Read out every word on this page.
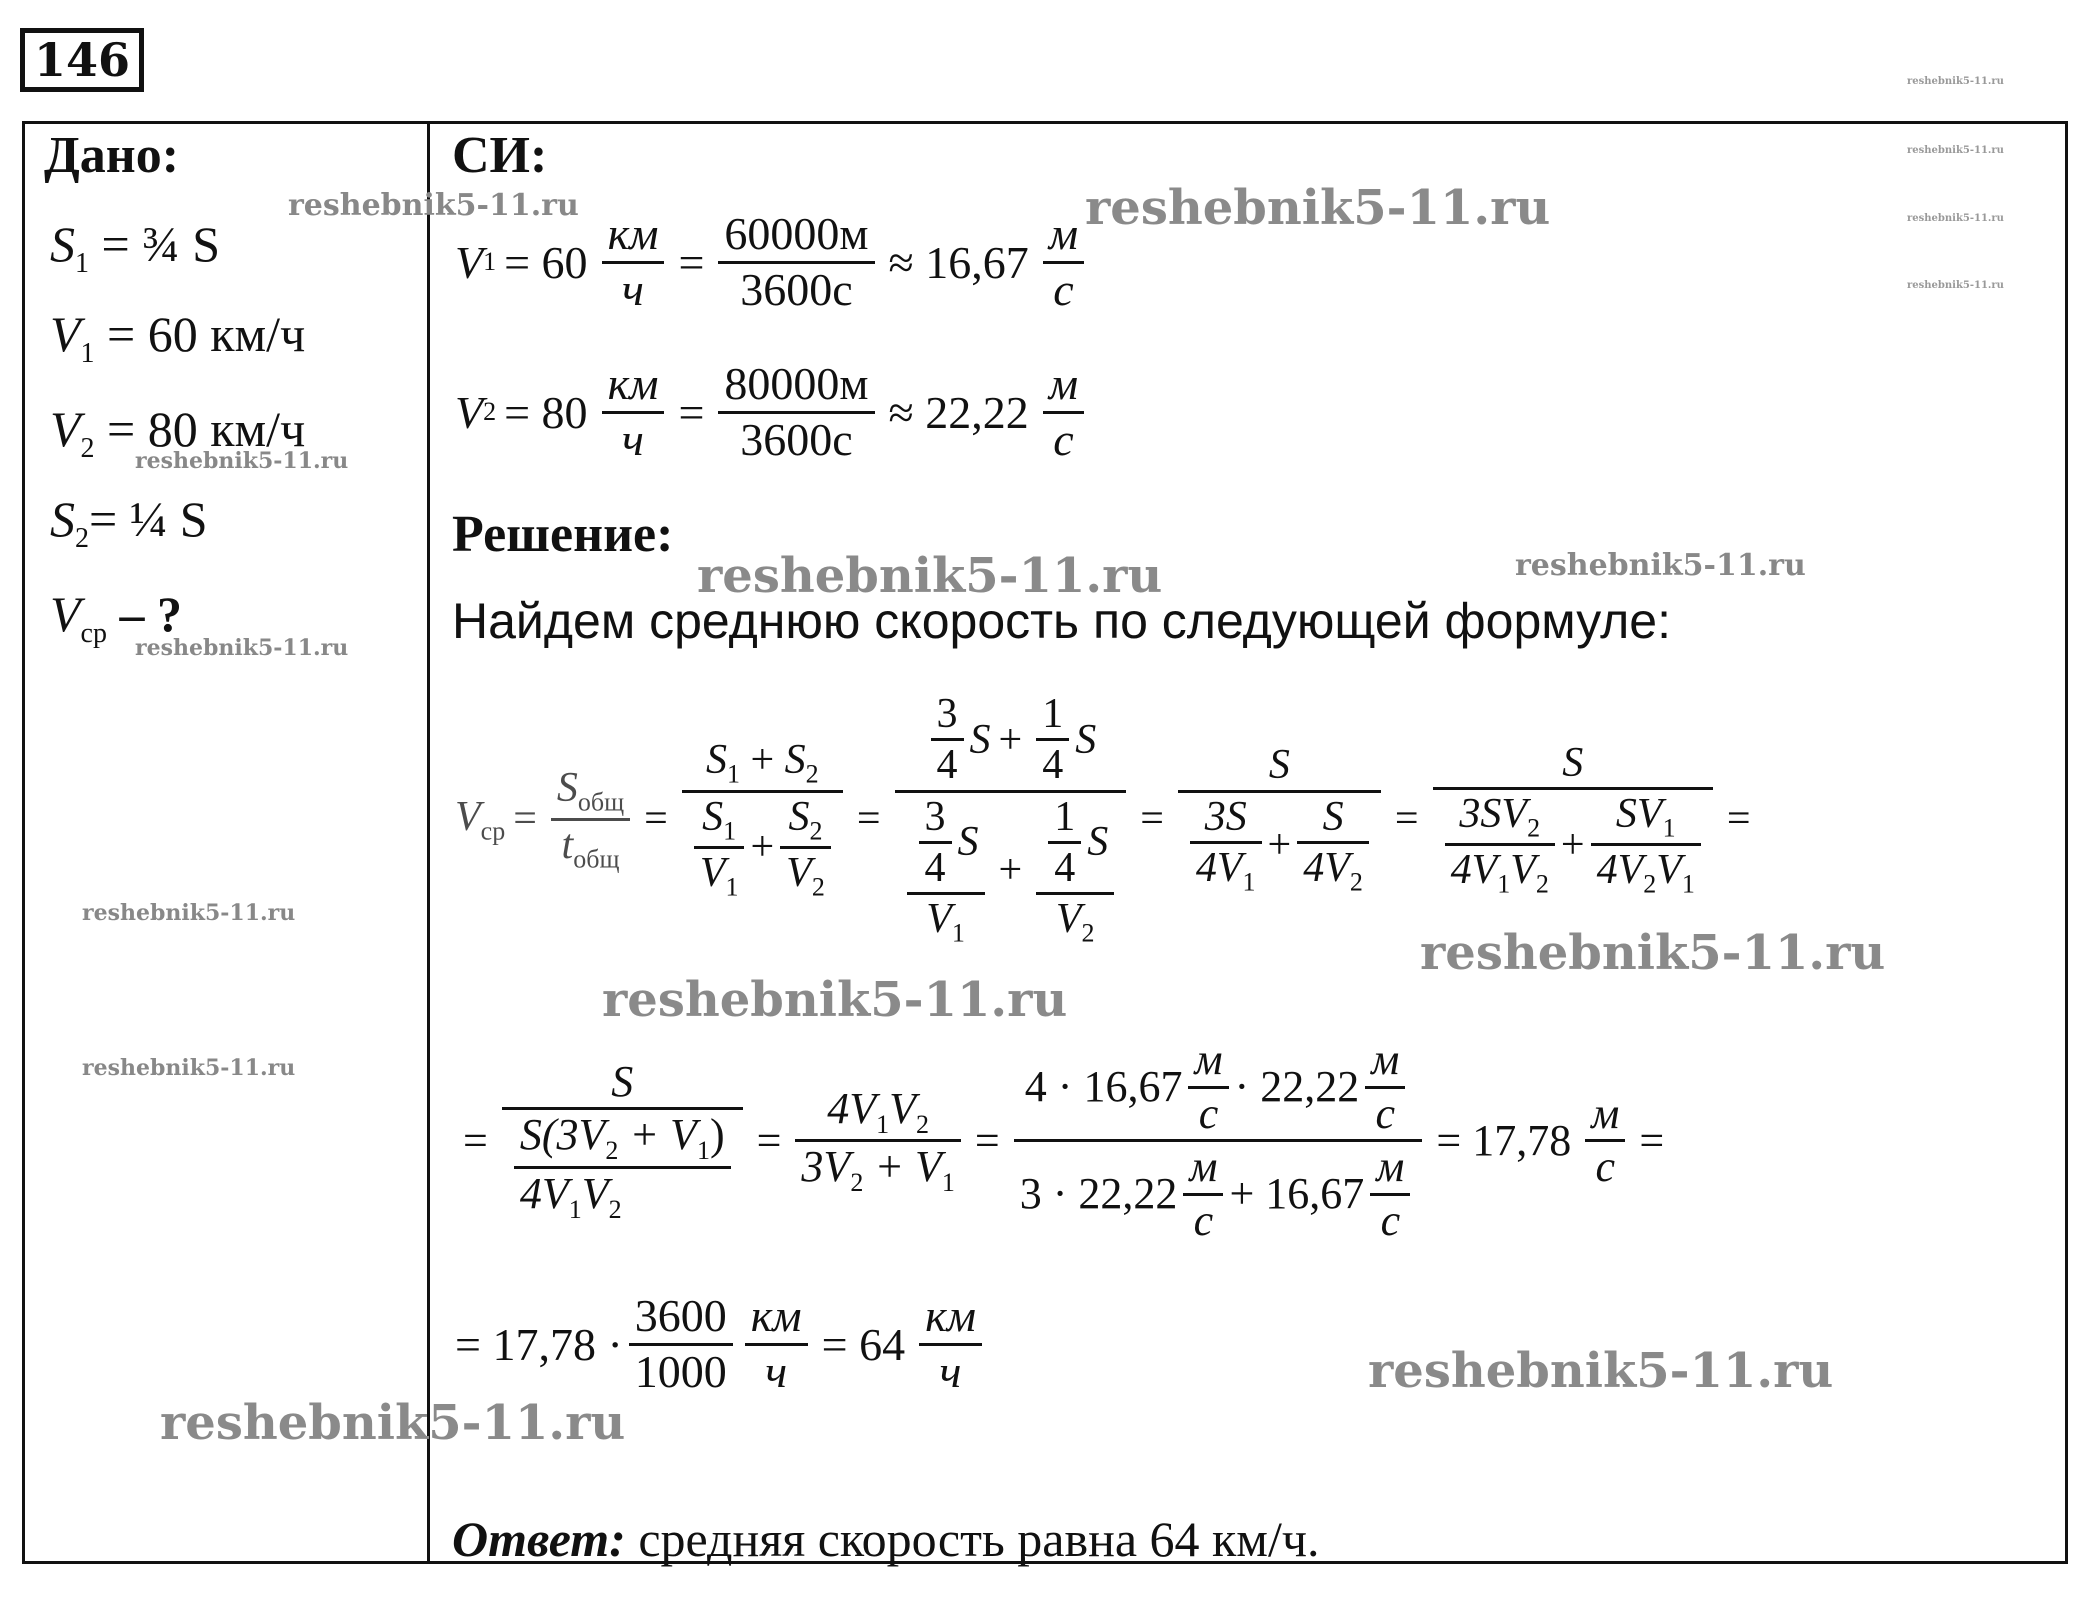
146
Дано:
$S_1$ = ¾ S
$V_1 = 60$ км/ч
$V_2 = 80$ км/ч
$S_2=$ ¼ S
$V_{ср}$ – ?
СИ:
V $1 = 60 \frac{км}{ч} = \frac{60000м}{3600с} \approx 16,67 \frac{м}{с}$
V $2 = 80 \frac{км}{ч} = \frac{80000м}{3600с} \approx 22,22 \frac{м}{с}$
Решение:
Найдем среднюю скорость по следующей формуле:
$V_{ср} = \frac{S_{общ}}{t_{общ}} = \frac{S_1 + S_2}{\frac{S_1}{V_1} + \frac{S_2}{V_2}} = \frac{\frac{3}{4} S + \frac{1}{4} S}{\frac{\frac{3}{4} S}{V_1} + \frac{\frac{1}{4} S}{V_2}} = \frac{S}{\frac{3S}{4V_1} + \frac{S}{4V_2}} = \frac{S}{\frac{3SV_2}{4V_1V_2} + \frac{SV_1}{4V_2V_1}}$ =
= $\frac{S}{\frac{S(3V_2 + V_1)}{4V_1V_2}} = \frac{4V_1V_2}{3V_2 + V_1} = \frac{4 \cdot 16,67 \frac{м}{с} \cdot 22,22 \frac{м}{с}}{3 \cdot 22,22 \frac{м}{с} + 16,67 \frac{м}{с}} = 17,78 \frac{м}{с}$ =
= $17,78 \cdot \frac{3600}{1000} \frac{км}{ч} = 64 \frac{км}{ч}$
Ответ: средняя скорость равна 64 км/ч.
reshebnik5-11.ru	reshebnik5-11.ru
reshebnik5-11.ru
reshebnik5-11.ru	reshebnik5-11.ru
reshebnik5-11.ru
reshebnik5-11.ru
reshebnik5-11.ru
reshebnik5-11.ru
reshebnik5-11.ru
reshebnik5-11.ru
reshebnik5-11.ru
reshebnik5-11.ru
reshebnik5-11.ru
reshebnik5-11.ru
reshebnik5-11.ru
